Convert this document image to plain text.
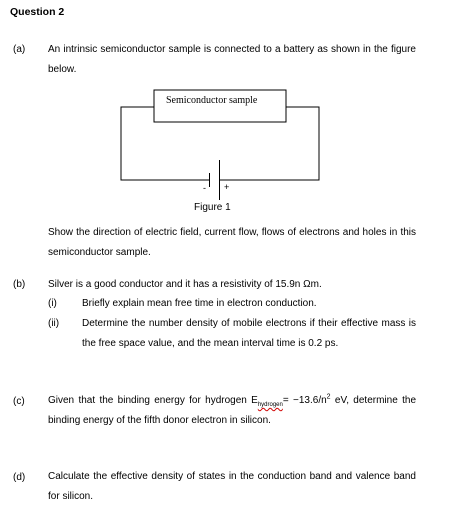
Question 2
(a) An intrinsic semiconductor sample is connected to a battery as shown in the figure below.
Semiconductor sample
- +
Figure 1
Show the direction of electric field, current flow, flows of electrons and holes in this semiconductor sample.
(b) Silver is a good conductor and it has a resistivity of 15.9n Ωm.
(i)	Briefly explain mean free time in electron conduction.
(ii) Determine the number density of mobile electrons if their effective mass is the free space value, and the mean interval time is 0.2 ps.
(c) Given that the binding energy for hydrogen $E_{hydrogen}= -13.6/n^2$ eV, determine the binding energy of the fifth donor electron in silicon.
(d) Calculate the effective density of states in the conduction band and valence band for silicon.
